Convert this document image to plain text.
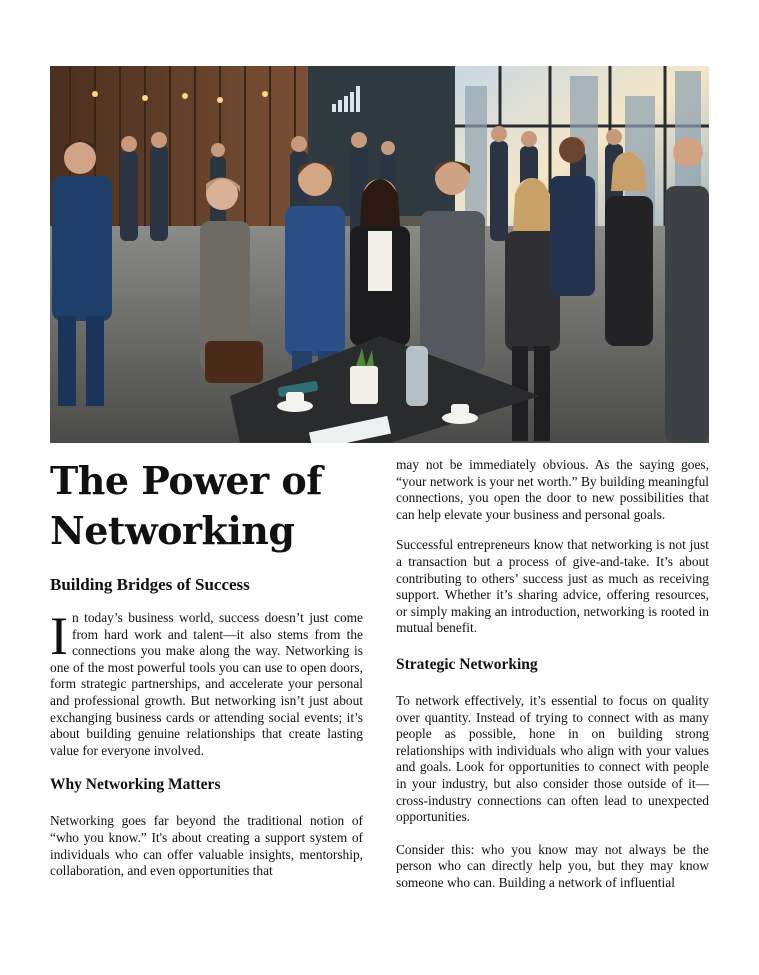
The Power of Networking
Building Bridges of Success

In today’s business world, success doesn’t just come from hard work and talent—it also stems from the connections you make along the way. Networking is one of the most powerful tools you can use to open doors, form strategic partnerships, and accelerate your personal and professional growth. But networking isn’t just about exchanging business cards or attending social events; it’s about building genuine relationships that create lasting value for everyone involved.

Why Networking Matters

Networking goes far beyond the traditional notion of “who you know.” It's about creating a support system of individuals who can offer valuable insights, mentorship, collaboration, and even opportunities that

may not be immediately obvious. As the saying goes, “your network is your net worth.” By building meaningful connections, you open the door to new possibilities that can help elevate your business and personal goals.

Successful entrepreneurs know that networking is not just a transaction but a process of give-and-take. It’s about contributing to others’ success just as much as receiving support. Whether it’s sharing advice, offering resources, or simply making an introduction, networking is rooted in mutual benefit.

Strategic Networking

To network effectively, it’s essential to focus on quality over quantity. Instead of trying to connect with as many people as possible, hone in on building strong relationships with individuals who align with your values and goals. Look for opportunities to connect with people in your industry, but also consider those outside of it—cross-industry connections can often lead to unexpected opportunities.

Consider this: who you know may not always be the person who can directly help you, but they may know someone who can. Building a network of influential
